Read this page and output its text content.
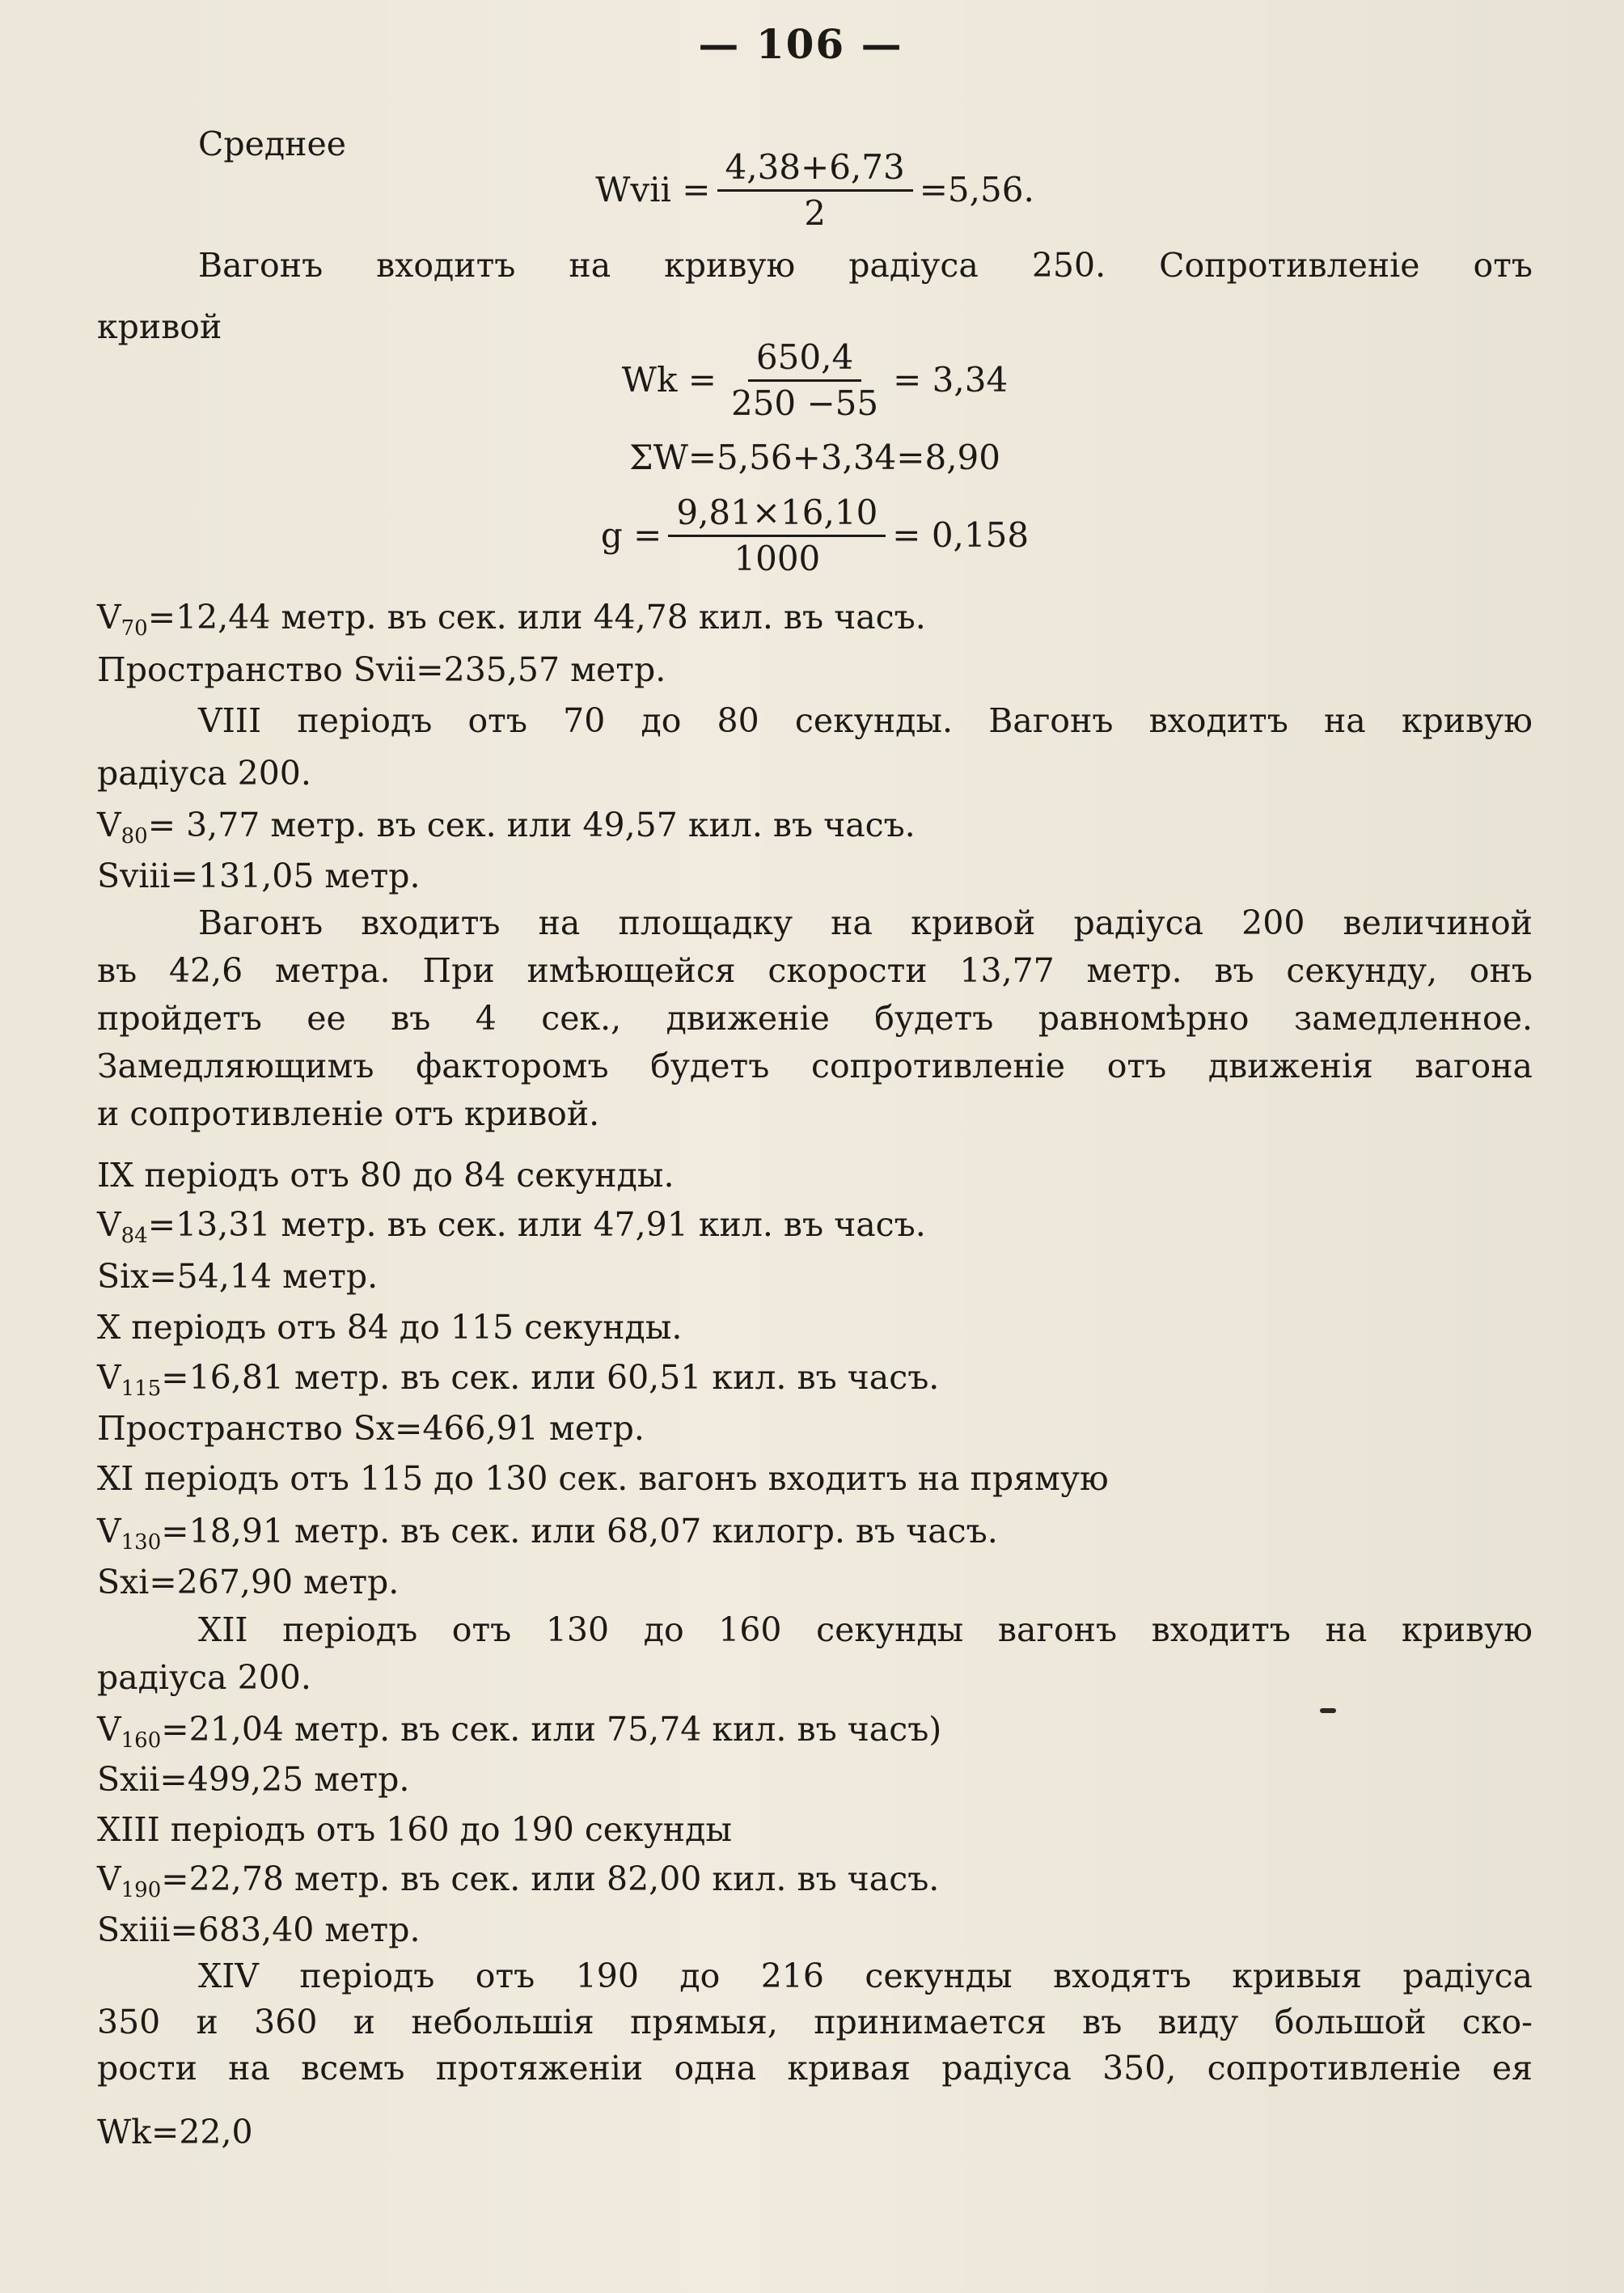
— 106 —
Среднее
Wvii = $\frac{4,38+6,73}{2} =5,56$.
Вагонъ входитъ на кривую радіуса 250. Сопротивленіе отъ
кривой
$Wk = \frac{650,4}{250 -55} = 3,34$
ΣW=5,56+3,34=8,90
$g = \frac{9,81\times 16,10}{1000} = 0,158$
$V_{70}=12,44$ метр. въ сек. или 44,78 кил. въ часъ.
Пространство Svii=235,57 метр.
VIII періодъ отъ 70 до 80 секунды. Вагонъ входитъ на кривую
радіуса 200.
$V_{80}= 3,77$ метр. въ сек. или 49,57 кил. въ часъ.
Sviii=131,05 метр.
Вагонъ входитъ на площадку на кривой радіуса 200 величиной
въ 42,6 метра. При имѣющейся скорости 13,77 метр. въ секунду, онъ
пройдетъ ее въ 4 сек., движеніе будетъ равномѣрно замедленное.
Замедляющимъ факторомъ будетъ сопротивленіе отъ движенія вагона
и сопротивленіе отъ кривой.
IX періодъ отъ 80 до 84 секунды.
$V_{84}=13,31$ метр. въ сек. или 47,91 кил. въ часъ.
Six=54,14 метр.
X періодъ отъ 84 до 115 секунды.
$V_{115}=16,81$ метр. въ сек. или 60,51 кил. въ часъ.
Пространство Sx=466,91 метр.
XI періодъ отъ 115 до 130 сек. вагонъ входитъ на прямую
$V_{130}=18,91$ метр. въ сек. или 68,07 килогр. въ часъ.
Sxi=267,90 метр.
XII періодъ отъ 130 до 160 секунды вагонъ входитъ на кривую
радіуса 200.
$V_{160}=21,04$ метр. въ сек. или 75,74 кил. въ часъ)
Sxii=499,25 метр.
XIII періодъ отъ 160 до 190 секунды
$V_{190}=22,78$ метр. въ сек. или 82,00 кил. въ часъ.
Sxiii=683,40 метр.
XIV періодъ отъ 190 до 216 секунды входятъ кривыя радіуса
350 и 360 и небольшія прямыя, принимается въ виду большой ско-
рости на всемъ протяженіи одна кривая радіуса 350, сопротивленіе ея
Wk=22,0
